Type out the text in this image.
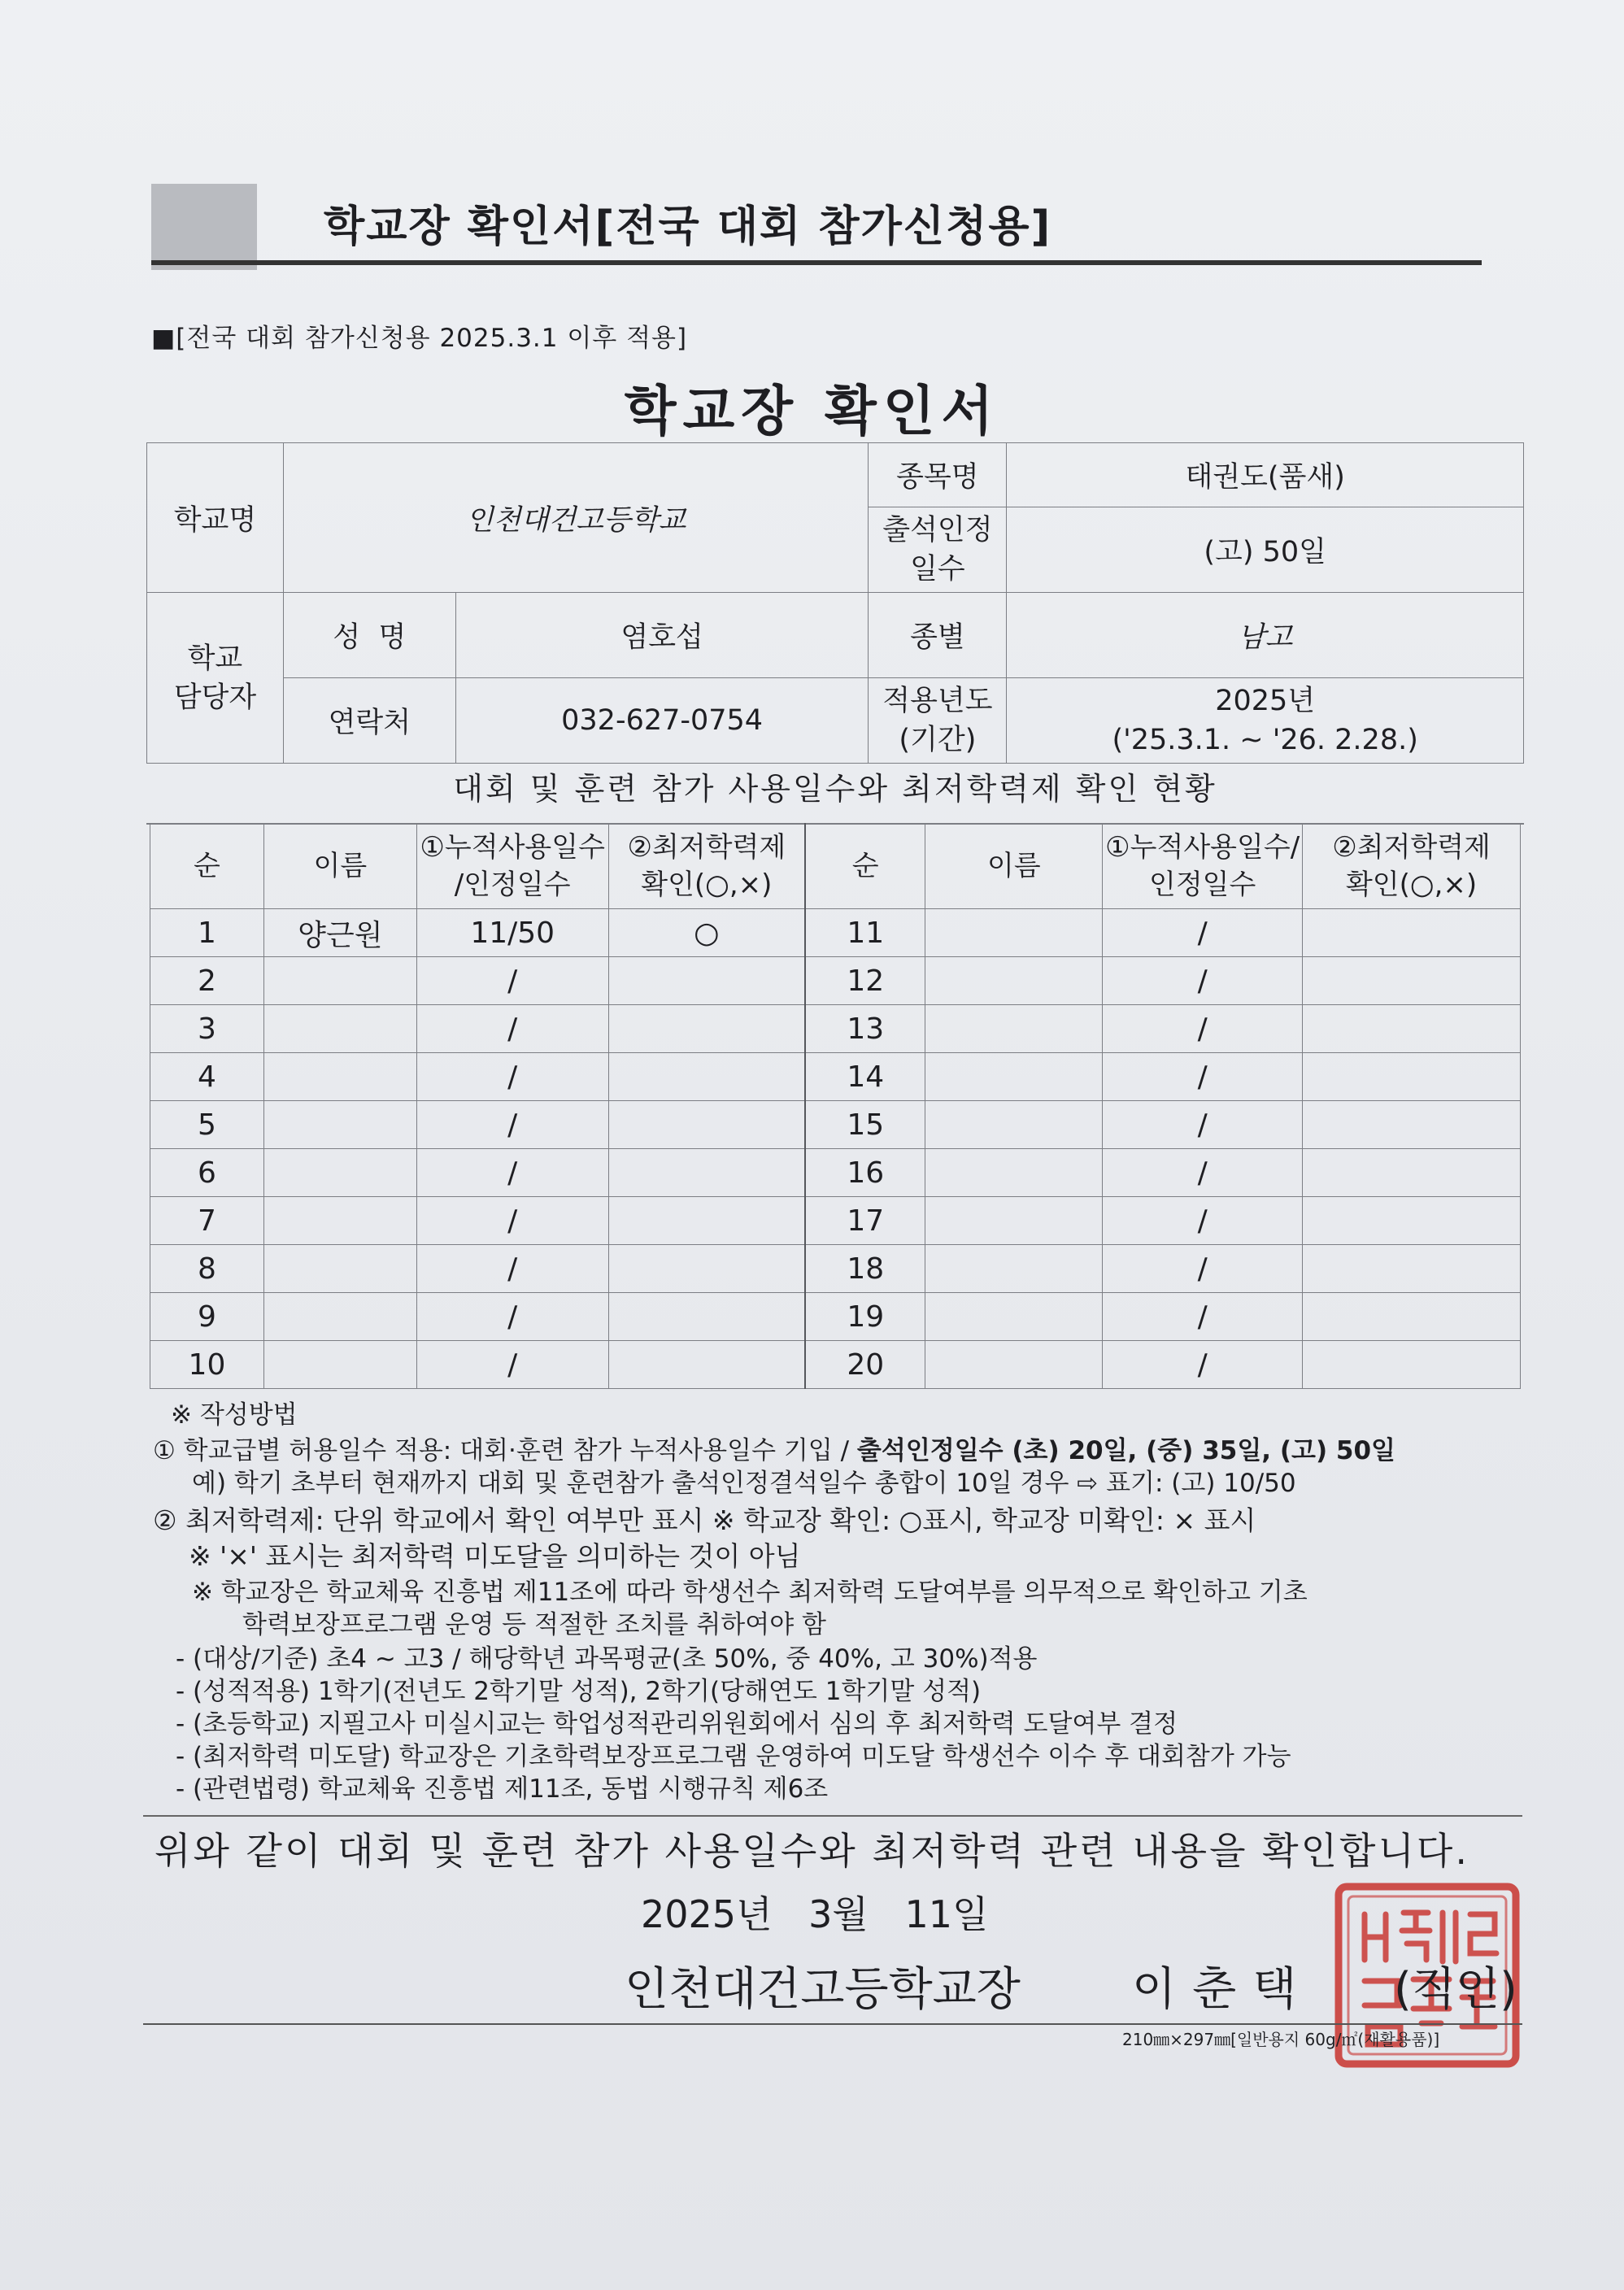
학교장 확인서[전국 대회 참가신청용]
■[전국 대회 참가신청용 2025.3.1 이후 적용]
학교장 확인서
학교명	인천대건고등학교		종목명	태권도(품새)

			출석인정
일수	(고) 50일

학교
담당자	성  명	염호섭	종별	남고
	연락처	032-627-0754	적용년도
(기간)	2025년
('25.3.1. ~ '26. 2.28.)
대회 및 훈련 참가 사용일수와 최저학력제 확인 현황
순	이름	①누적사용일수
/인정일수	②최저학력제
확인(○,×)	순	이름	①누적사용일수/
인정일수	②최저학력제
확인(○,×)

1	양근원	11/50	○	11		/	
2		/		12		/	
3		/		13		/	
4		/		14		/	
5		/		15		/	
6		/		16		/	
7		/		17		/	
8		/		18		/	
9		/		19		/	
10		/		20		/	
※ 작성방법
① 학교급별 허용일수 적용: 대회·훈련 참가 누적사용일수 기입 / 출석인정일수 (초) 20일, (중) 35일, (고) 50일
예) 학기 초부터 현재까지 대회 및 훈련참가 출석인정결석일수 총합이 10일 경우 ⇨ 표기: (고) 10/50
② 최저학력제: 단위 학교에서 확인 여부만 표시 ※ 학교장 확인: ○표시, 학교장 미확인: × 표시
※ '×' 표시는 최저학력 미도달을 의미하는 것이 아님
※ 학교장은 학교체육 진흥법 제11조에 따라 학생선수 최저학력 도달여부를 의무적으로 확인하고 기초
학력보장프로그램 운영 등 적절한 조치를 취하여야 함
- (대상/기준) 초4 ~ 고3 / 해당학년 과목평균(초 50%, 중 40%, 고 30%)적용
- (성적적용) 1학기(전년도 2학기말 성적), 2학기(당해연도 1학기말 성적)
- (초등학교) 지필고사 미실시교는 학업성적관리위원회에서 심의 후 최저학력 도달여부 결정
- (최저학력 미도달) 학교장은 기초학력보장프로그램 운영하여 미도달 학생선수 이수 후 대회참가 가능
- (관련법령) 학교체육 진흥법 제11조, 동법 시행규칙 제6조
위와 같이 대회 및 훈련 참가 사용일수와 최저학력 관련 내용을 확인합니다.
2025년 3월 11일
인천대건고등학교장 이춘택 (직인)
210㎜×297㎜[일반용지 60g/㎡(재활용품)]
